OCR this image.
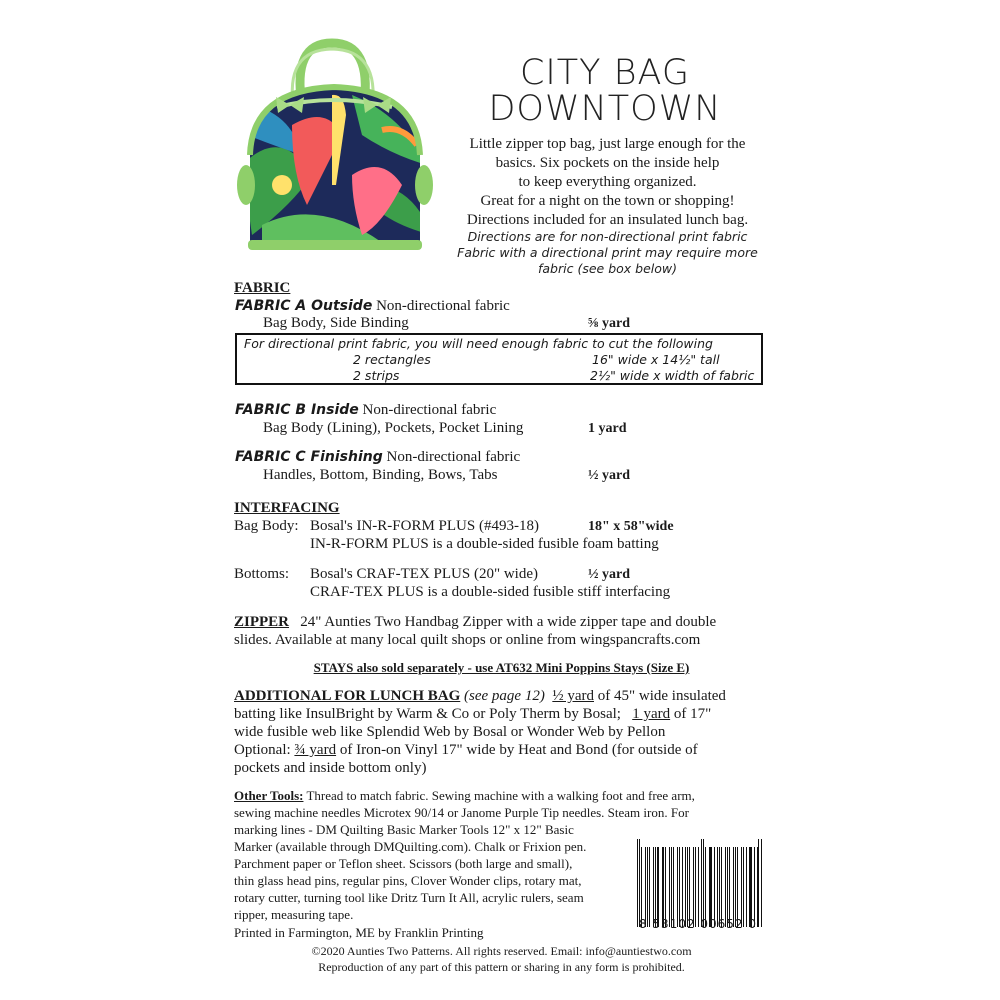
CITY BAG
DOWNTOWN
Little zipper top bag, just large enough for the
basics. Six pockets on the inside help
to keep everything organized.
Great for a night on the town or shopping!
Directions included for an insulated lunch bag.
Directions are for non-directional print fabric
Fabric with a directional print may require more
fabric (see box below)
FABRIC
FABRIC A Outside Non-directional fabric
Bag Body, Side Binding	⅝ yard
For directional print fabric, you will need enough fabric to cut the following
2 rectangles	16" wide x 14½" tall
2 strips	2½" wide x width of fabric
FABRIC B Inside Non-directional fabric
Bag Body (Lining), Pockets, Pocket Lining	1 yard
FABRIC C Finishing Non-directional fabric
Handles, Bottom, Binding, Bows, Tabs	½ yard
INTERFACING
Bag Body: Bosal's IN-R-FORM PLUS (#493-18)	18" x 58"wide
IN-R-FORM PLUS is a double-sided fusible foam batting
Bottoms: Bosal's CRAF-TEX PLUS (20" wide)	½ yard
CRAF-TEX PLUS is a double-sided fusible stiff interfacing
ZIPPER 24" Aunties Two Handbag Zipper with a wide zipper tape and double
slides. Available at many local quilt shops or online from wingspancrafts.com
STAYS also sold separately - use AT632 Mini Poppins Stays (Size E)
ADDITIONAL FOR LUNCH BAG (see page 12) ½ yard of 45" wide insulated
batting like InsulBright by Warm & Co or Poly Therm by Bosal; 1 yard of 17"
wide fusible web like Splendid Web by Bosal or Wonder Web by Pellon
Optional: ¾ yard of Iron-on Vinyl 17" wide by Heat and Bond (for outside of
pockets and inside bottom only)
Other Tools: Thread to match fabric. Sewing machine with a walking foot and free arm,
sewing machine needles Microtex 90/14 or Janome Purple Tip needles. Steam iron. For
marking lines - DM Quilting Basic Marker Tools 12" x 12" Basic
Marker (available through DMQuilting.com). Chalk or Frixion pen.
Parchment paper or Teflon sheet. Scissors (both large and small),
thin glass head pins, regular pins, Clover Wonder clips, rotary mat,
rotary cutter, turning tool like Dritz Turn It All, acrylic rulers, seam
ripper, measuring tape.
8 53102 00652 0
Printed in Farmington, ME by Franklin Printing
©2020 Aunties Two Patterns. All rights reserved. Email: info@auntiestwo.com
Reproduction of any part of this pattern or sharing in any form is prohibited.
